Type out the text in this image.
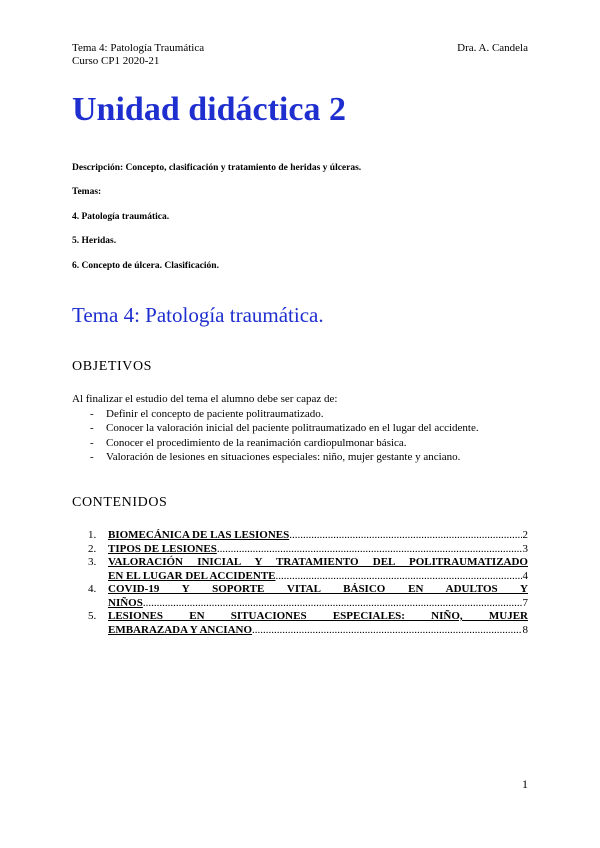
Tema 4: Patología Traumática
Curso CP1 2020-21
Dra. A. Candela
Unidad didáctica 2
Descripción: Concepto, clasificación y tratamiento de heridas y úlceras.
Temas:
4. Patología traumática.
5. Heridas.
6. Concepto de úlcera. Clasificación.
Tema 4: Patología traumática.
OBJETIVOS
Al finalizar el estudio del tema el alumno debe ser capaz de:
- Definir el concepto de paciente politraumatizado.
- Conocer la valoración inicial del paciente politraumatizado en el lugar del accidente.
- Conocer el procedimiento de la reanimación cardiopulmonar básica.
- Valoración de lesiones en situaciones especiales: niño, mujer gestante y anciano.
CONTENIDOS
1. BIOMECÁNICA DE LAS LESIONES .....	2
2. TIPOS DE LESIONES .....	3
3. VALORACIÓN INICIAL Y TRATAMIENTO DEL POLITRAUMATIZADO
EN EL LUGAR DEL ACCIDENTE .....	4
4. COVID-19 Y SOPORTE VITAL BÁSICO EN ADULTOS Y
NIÑOS .....	7
5. LESIONES EN SITUACIONES ESPECIALES: NIÑO, MUJER
EMBARAZADA Y ANCIANO .....	8
1
